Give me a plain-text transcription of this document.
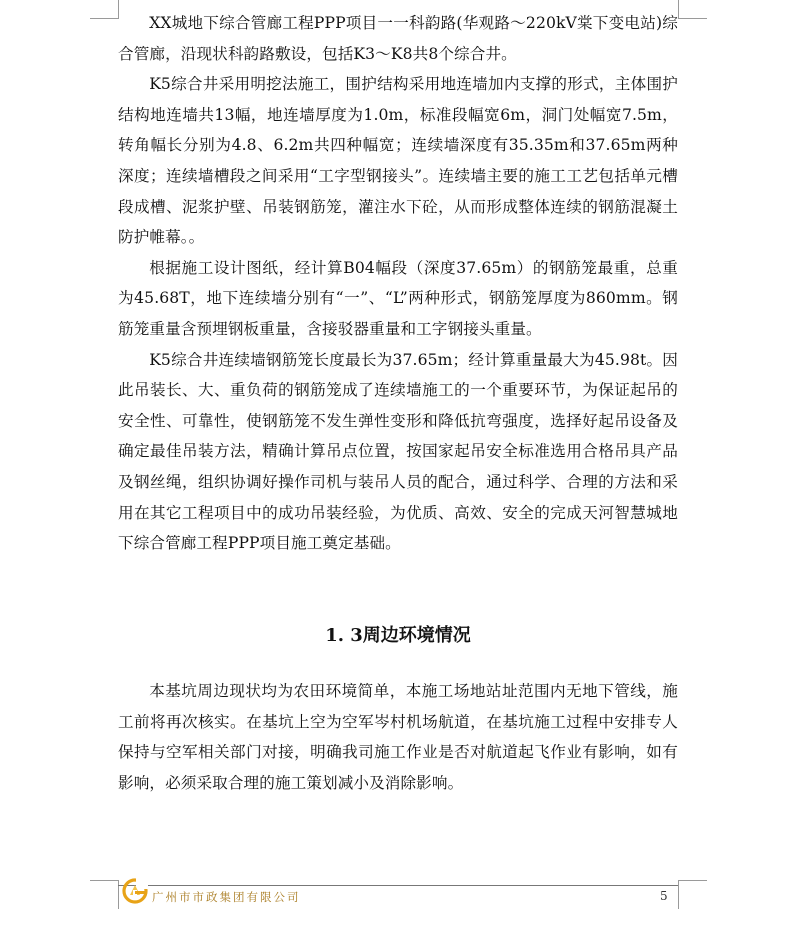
XX城地下综合管廊工程PPP项目一一科韵路(华观路～220kV棠下变电站)综合管廊，沿现状科韵路敷设，包括K3～K8共8个综合井。

K5综合井采用明挖法施工，围护结构采用地连墙加内支撑的形式，主体围护结构地连墙共13幅，地连墙厚度为1.0m，标准段幅宽6m，洞门处幅宽7.5m，转角幅长分别为4.8、6.2m共四种幅宽；连续墙深度有35.35m和37.65m两种深度；连续墙槽段之间采用“工字型钢接头”。连续墙主要的施工工艺包括单元槽段成槽、泥浆护壁、吊装钢筋笼，灌注水下砼，从而形成整体连续的钢筋混凝土防护帷幕。。

根据施工设计图纸，经计算B04幅段（深度37.65m）的钢筋笼最重，总重为45.68T，地下连续墙分别有“一”、“L”两种形式，钢筋笼厚度为860mm。钢筋笼重量含预埋钢板重量，含接驳器重量和工字钢接头重量。

K5综合井连续墙钢筋笼长度最长为37.65m；经计算重量最大为45.98t。因此吊装长、大、重负荷的钢筋笼成了连续墙施工的一个重要环节，为保证起吊的安全性、可靠性，使钢筋笼不发生弹性变形和降低抗弯强度，选择好起吊设备及确定最佳吊装方法，精确计算吊点位置，按国家起吊安全标准选用合格吊具产品及钢丝绳，组织协调好操作司机与装吊人员的配合，通过科学、合理的方法和采用在其它工程项目中的成功吊装经验，为优质、高效、安全的完成天河智慧城地下综合管廊工程PPP项目施工奠定基础。

1. 3周边环境情况

本基坑周边现状均为农田环境简单，本施工场地站址范围内无地下管线，施工前将再次核实。在基坑上空为空军岑村机场航道，在基坑施工过程中安排专人保持与空军相关部门对接，明确我司施工作业是否对航道起飞作业有影响，如有影响，必须采取合理的施工策划减小及消除影响。

广州市市政集团有限公司	5
